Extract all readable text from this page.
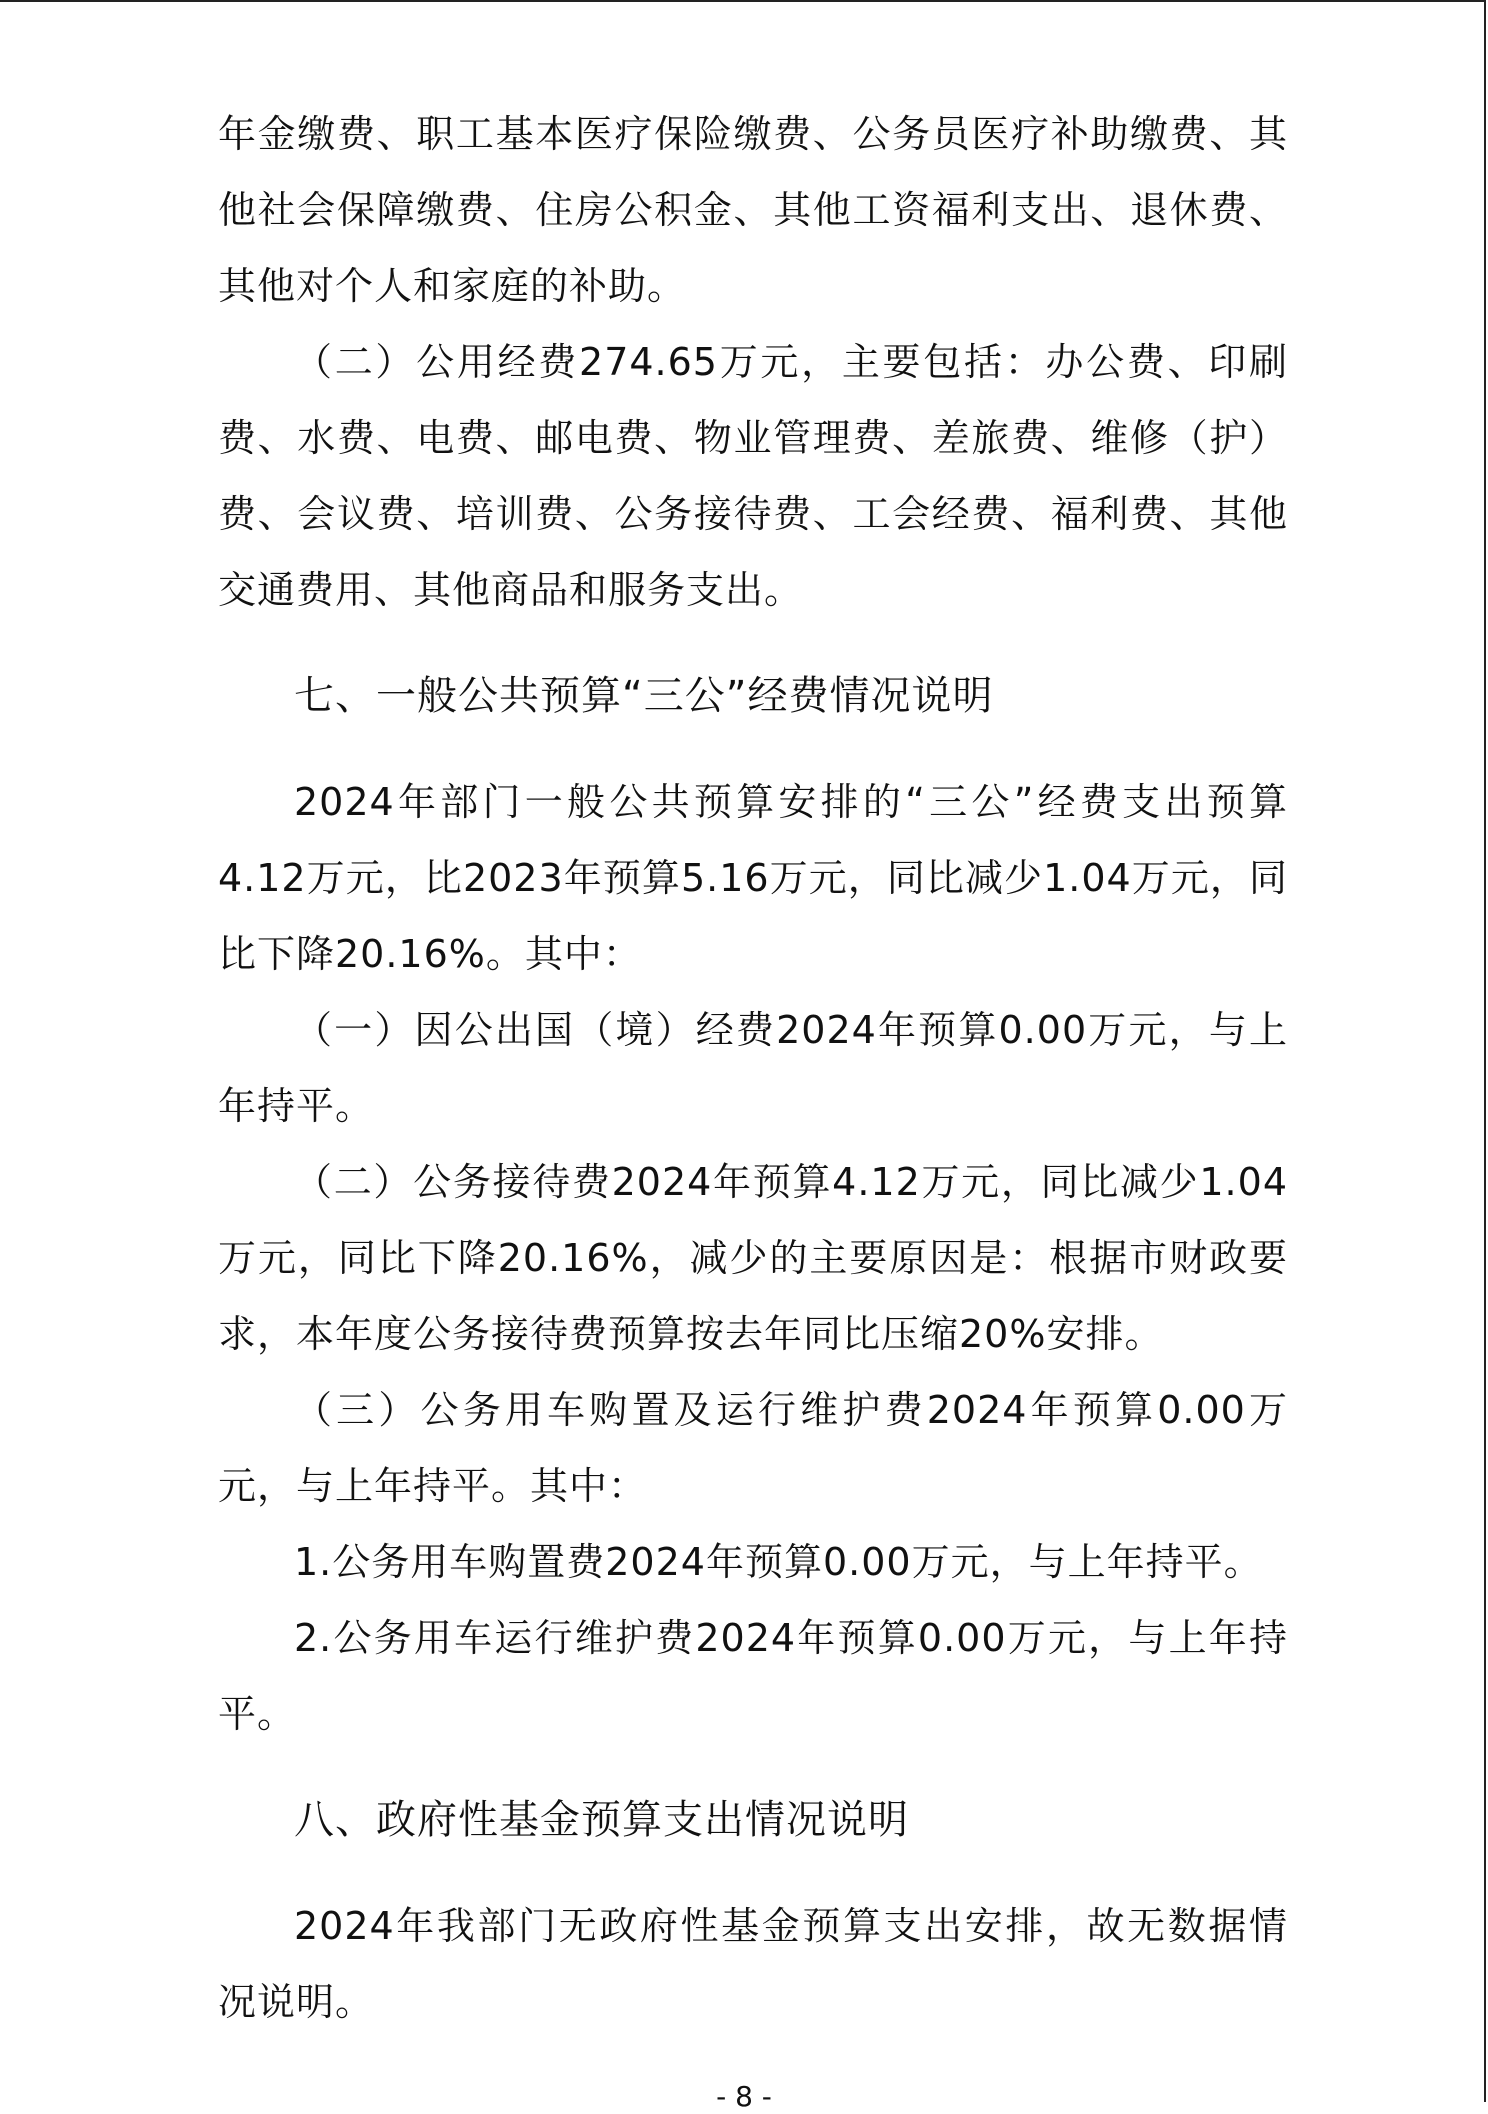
年金缴费、职工基本医疗保险缴费、公务员医疗补助缴费、其他社会保障缴费、住房公积金、其他工资福利支出、退休费、其他对个人和家庭的补助。

（二）公用经费274.65万元，主要包括：办公费、印刷费、水费、电费、邮电费、物业管理费、差旅费、维修（护）费、会议费、培训费、公务接待费、工会经费、福利费、其他交通费用、其他商品和服务支出。

七、一般公共预算“三公”经费情况说明

2024年部门一般公共预算安排的“三公”经费支出预算4.12万元，比2023年预算5.16万元，同比减少1.04万元，同比下降20.16%。其中：

（一）因公出国（境）经费2024年预算0.00万元，与上年持平。

（二）公务接待费2024年预算4.12万元，同比减少1.04万元，同比下降20.16%，减少的主要原因是：根据市财政要求，本年度公务接待费预算按去年同比压缩20%安排。

（三）公务用车购置及运行维护费2024年预算0.00万元，与上年持平。其中：

1.公务用车购置费2024年预算0.00万元，与上年持平。

2.公务用车运行维护费2024年预算0.00万元，与上年持平。

八、政府性基金预算支出情况说明

2024年我部门无政府性基金预算支出安排，故无数据情况说明。

- 8 -
